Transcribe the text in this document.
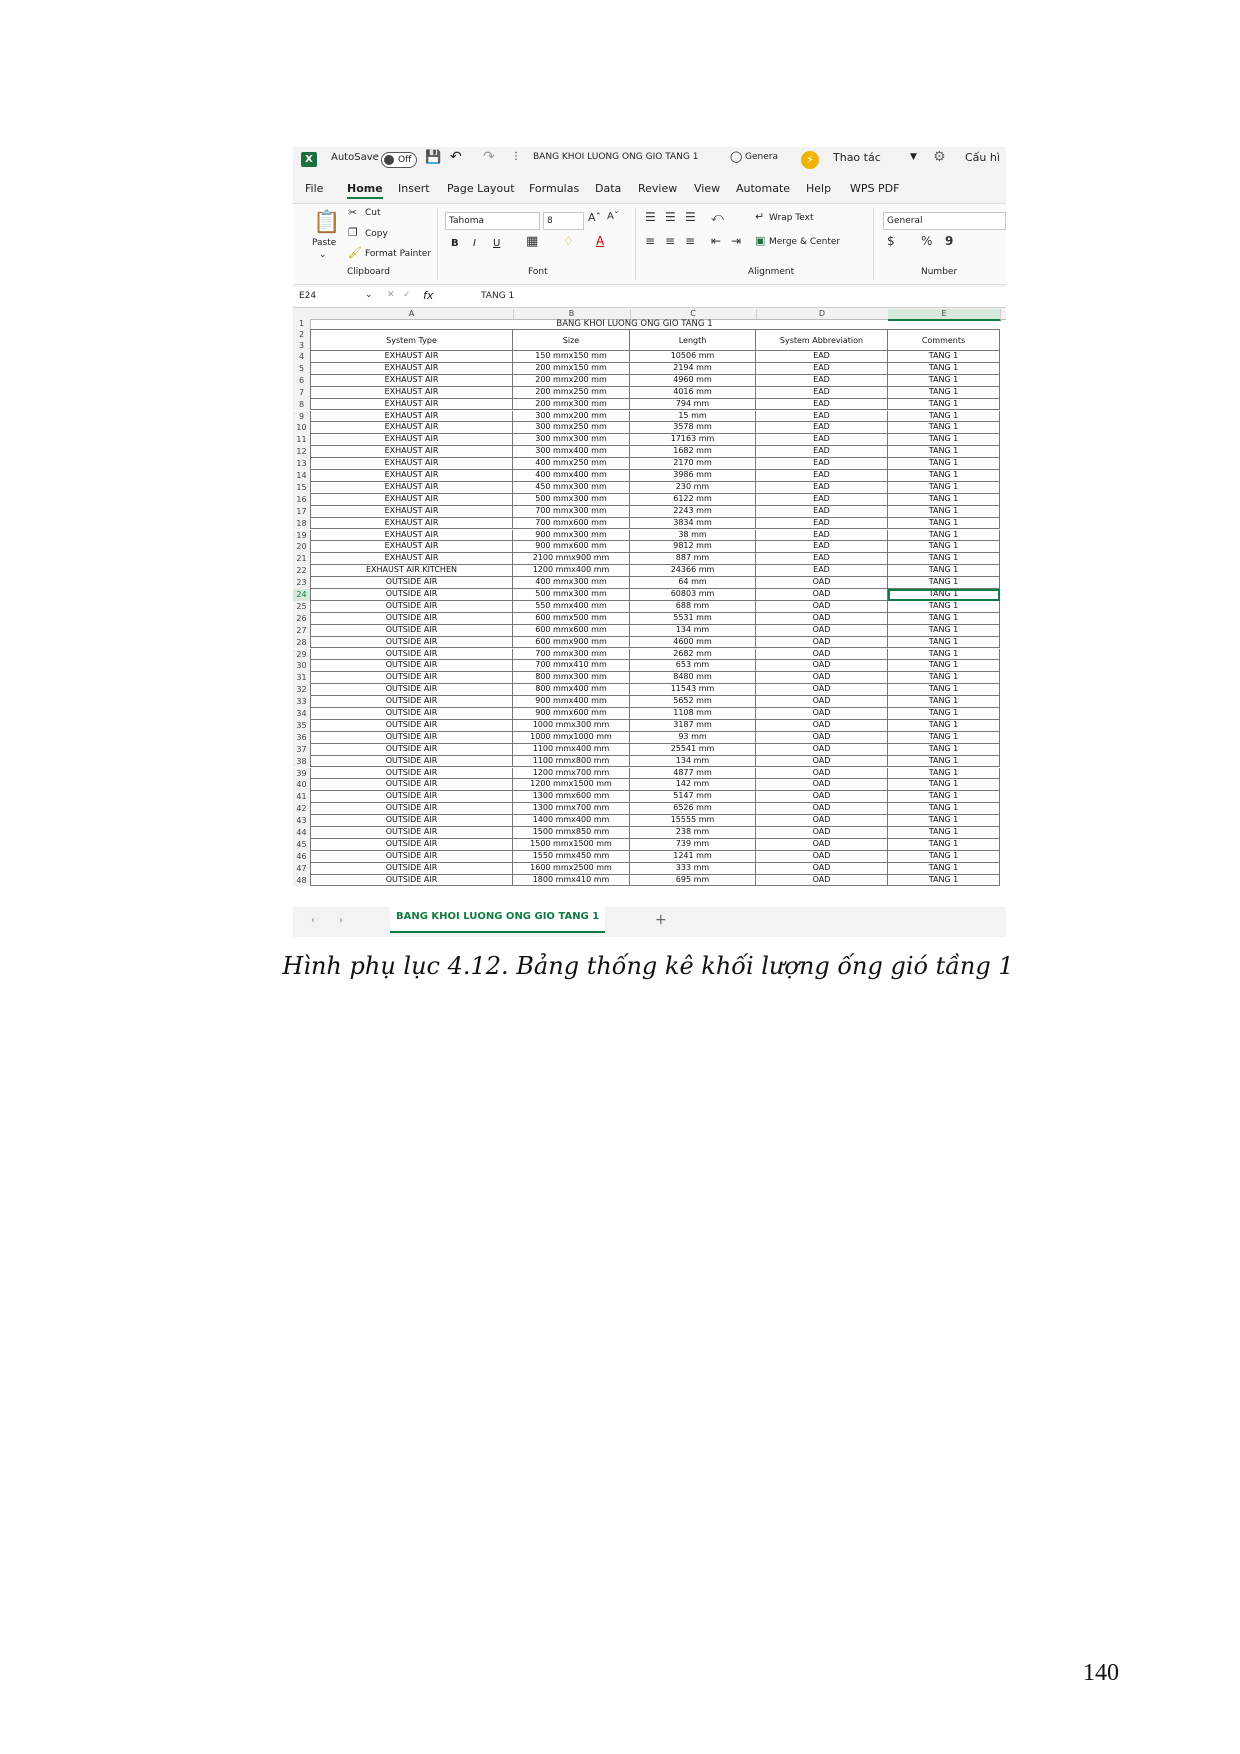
X	AutoSave Off 💾 ↶ ↷ ⋮ BANG KHOI LUONG ONG GIO TANG 1	◯ Genera	⚡	Thao tác	▼ ⚙ Cấu hì
File Home Insert Page Layout Formulas Data Review View Automate Help WPS PDF
📋
Paste
⌄
✂ Cut
❐ Copy
🖌 Format Painter
Clipboard
Tahoma	8	Aˆ Aˇ
B I U ▦ ♢ A
Font
☰ ☰ ☰ ⤺
≡ ≡ ≡ ⇤ ⇥
↵ Wrap Text
▣ Merge & Center
Alignment
General
$ % 9
Number
E24	⌄ ✕ ✓ fx	TANG 1
A	B	C	D	E
1
2
3
4
5
6
7
8
9
10
11
12
13
14
15
16
17
18
19
20
21
22
23
24
25
26
27
28
29
30
31
32
33
34
35
36
37
38
39
40
41
42
43
44
45
46
47
48
System Type	Size	Length	System Abbreviation	Comments
EXHAUST AIR	150 mmx150 mm	10506 mm	EAD	TANG 1
EXHAUST AIR	200 mmx150 mm	2194 mm	EAD	TANG 1
EXHAUST AIR	200 mmx200 mm	4960 mm	EAD	TANG 1
EXHAUST AIR	200 mmx250 mm	4016 mm	EAD	TANG 1
EXHAUST AIR	200 mmx300 mm	794 mm	EAD	TANG 1
EXHAUST AIR	300 mmx200 mm	15 mm	EAD	TANG 1
EXHAUST AIR	300 mmx250 mm	3578 mm	EAD	TANG 1
EXHAUST AIR	300 mmx300 mm	17163 mm	EAD	TANG 1
EXHAUST AIR	300 mmx400 mm	1682 mm	EAD	TANG 1
EXHAUST AIR	400 mmx250 mm	2170 mm	EAD	TANG 1
EXHAUST AIR	400 mmx400 mm	3986 mm	EAD	TANG 1
EXHAUST AIR	450 mmx300 mm	230 mm	EAD	TANG 1
EXHAUST AIR	500 mmx300 mm	6122 mm	EAD	TANG 1
EXHAUST AIR	700 mmx300 mm	2243 mm	EAD	TANG 1
EXHAUST AIR	700 mmx600 mm	3834 mm	EAD	TANG 1
EXHAUST AIR	900 mmx300 mm	38 mm	EAD	TANG 1
EXHAUST AIR	900 mmx600 mm	9812 mm	EAD	TANG 1
EXHAUST AIR	2100 mmx900 mm	887 mm	EAD	TANG 1
EXHAUST AIR KITCHEN	1200 mmx400 mm	24366 mm	EAD	TANG 1
OUTSIDE AIR	400 mmx300 mm	64 mm	OAD	TANG 1
OUTSIDE AIR	500 mmx300 mm	60803 mm	OAD	TANG 1
OUTSIDE AIR	550 mmx400 mm	688 mm	OAD	TANG 1
OUTSIDE AIR	600 mmx500 mm	5531 mm	OAD	TANG 1
OUTSIDE AIR	600 mmx600 mm	134 mm	OAD	TANG 1
OUTSIDE AIR	600 mmx900 mm	4600 mm	OAD	TANG 1
OUTSIDE AIR	700 mmx300 mm	2682 mm	OAD	TANG 1
OUTSIDE AIR	700 mmx410 mm	653 mm	OAD	TANG 1
OUTSIDE AIR	800 mmx300 mm	8480 mm	OAD	TANG 1
OUTSIDE AIR	800 mmx400 mm	11543 mm	OAD	TANG 1
OUTSIDE AIR	900 mmx400 mm	5652 mm	OAD	TANG 1
OUTSIDE AIR	900 mmx600 mm	1108 mm	OAD	TANG 1
OUTSIDE AIR	1000 mmx300 mm	3187 mm	OAD	TANG 1
OUTSIDE AIR	1000 mmx1000 mm	93 mm	OAD	TANG 1
OUTSIDE AIR	1100 mmx400 mm	25541 mm	OAD	TANG 1
OUTSIDE AIR	1100 mmx800 mm	134 mm	OAD	TANG 1
OUTSIDE AIR	1200 mmx700 mm	4877 mm	OAD	TANG 1
OUTSIDE AIR	1200 mmx1500 mm	142 mm	OAD	TANG 1
OUTSIDE AIR	1300 mmx600 mm	5147 mm	OAD	TANG 1
OUTSIDE AIR	1300 mmx700 mm	6526 mm	OAD	TANG 1
OUTSIDE AIR	1400 mmx400 mm	15555 mm	OAD	TANG 1
OUTSIDE AIR	1500 mmx850 mm	238 mm	OAD	TANG 1
OUTSIDE AIR	1500 mmx1500 mm	739 mm	OAD	TANG 1
OUTSIDE AIR	1550 mmx450 mm	1241 mm	OAD	TANG 1
OUTSIDE AIR	1600 mmx2500 mm	333 mm	OAD	TANG 1
OUTSIDE AIR	1800 mmx410 mm	695 mm	OAD	TANG 1
BANG KHOI LUONG ONG GIO TANG 1
‹ ›	BANG KHOI LUONG ONG GIO TANG 1	+
Hình phụ lục 4.12. Bảng thống kê khối lượng ống gió tầng 1
140
